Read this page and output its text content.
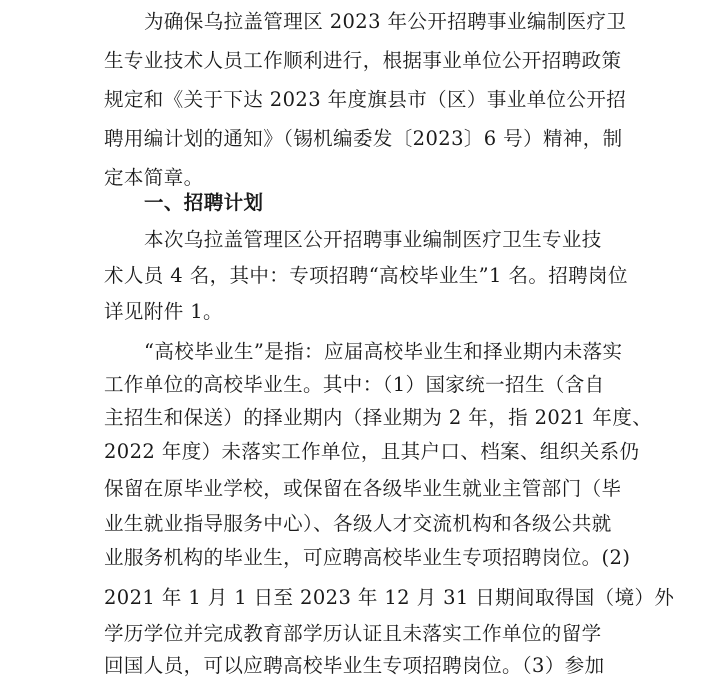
为确保乌拉盖管理区 2023 年公开招聘事业编制医疗卫
生专业技术人员工作顺利进行，根据事业单位公开招聘政策
规定和《关于下达 2023 年度旗县市（区）事业单位公开招
聘用编计划的通知》（锡机编委发〔2023〕6 号）精神，制
定本简章。
一、招聘计划
本次乌拉盖管理区公开招聘事业编制医疗卫生专业技
术人员 4 名，其中：专项招聘“高校毕业生”1 名。招聘岗位
详见附件 1。
“高校毕业生”是指：应届高校毕业生和择业期内未落实
工作单位的高校毕业生。其中：（1）国家统一招生（含自
主招生和保送）的择业期内（择业期为 2 年，指 2021 年度、
2022 年度）未落实工作单位，且其户口、档案、组织关系仍
保留在原毕业学校，或保留在各级毕业生就业主管部门（毕
业生就业指导服务中心）、各级人才交流机构和各级公共就
业服务机构的毕业生，可应聘高校毕业生专项招聘岗位。(2)
2021 年 1 月 1 日至 2023 年 12 月 31 日期间取得国（境）外
学历学位并完成教育部学历认证且未落实工作单位的留学
回国人员，可以应聘高校毕业生专项招聘岗位。（3）参加
